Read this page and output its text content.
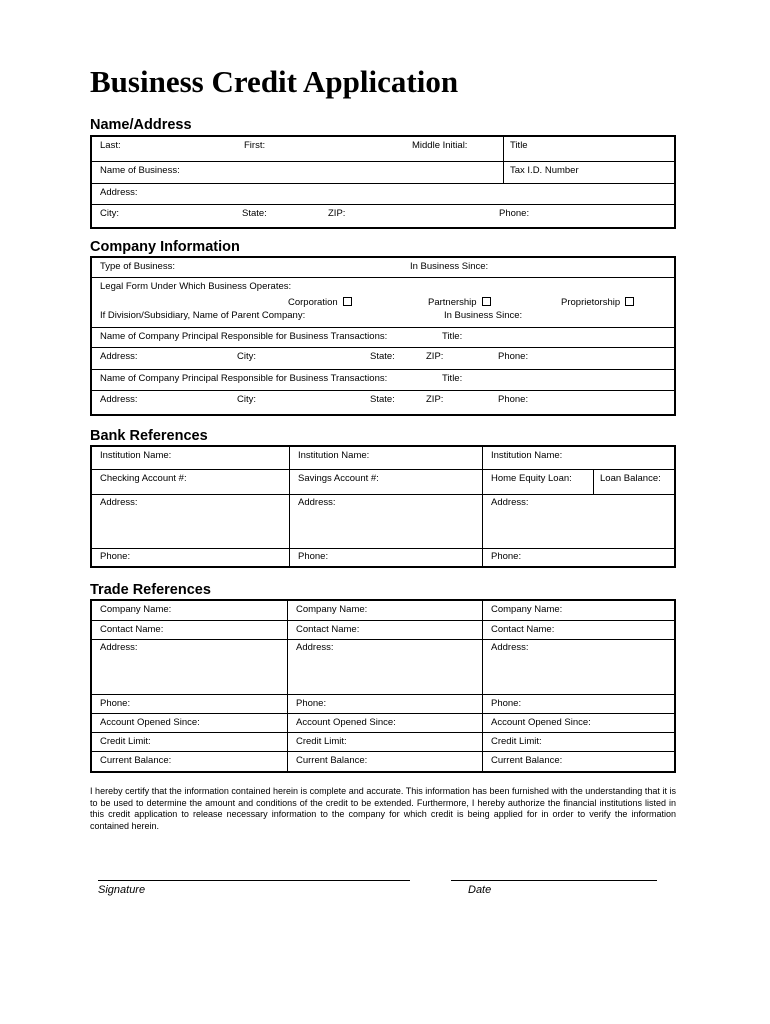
Business Credit Application
Name/Address
Last:	First:	Middle Initial:	Title
Name of Business:	Tax I.D. Number
Address:
City:	State:	ZIP:	Phone:
Company Information
Type of Business:	In Business Since:
Legal Form Under Which Business Operates:
Corporation	Partnership	Proprietorship
If Division/Subsidiary, Name of Parent Company:	In Business Since:
Name of Company Principal Responsible for Business Transactions:	Title:
Address:	City:	State:	ZIP:	Phone:
Name of Company Principal Responsible for Business Transactions:	Title:
Address:	City:	State:	ZIP:	Phone:
Bank References
Institution Name:	Institution Name:	Institution Name:
Checking Account #:	Savings Account #:	Home Equity Loan:	Loan Balance:
Address:	Address:	Address:
Phone:	Phone:	Phone:
Trade References
Company Name:	Company Name:	Company Name:
Contact Name:	Contact Name:	Contact Name:
Address:	Address:	Address:
Phone:	Phone:	Phone:
Account Opened Since:	Account Opened Since:	Account Opened Since:
Credit Limit:	Credit Limit:	Credit Limit:
Current Balance:	Current Balance:	Current Balance:

I hereby certify that the information contained herein is complete and accurate. This information has been furnished with the understanding that it is to be used to determine the amount and conditions of the credit to be extended. Furthermore, I hereby authorize the financial institutions listed in this credit application to release necessary information to the company for which credit is being applied for in order to verify the information contained herein.

Signature	Date
